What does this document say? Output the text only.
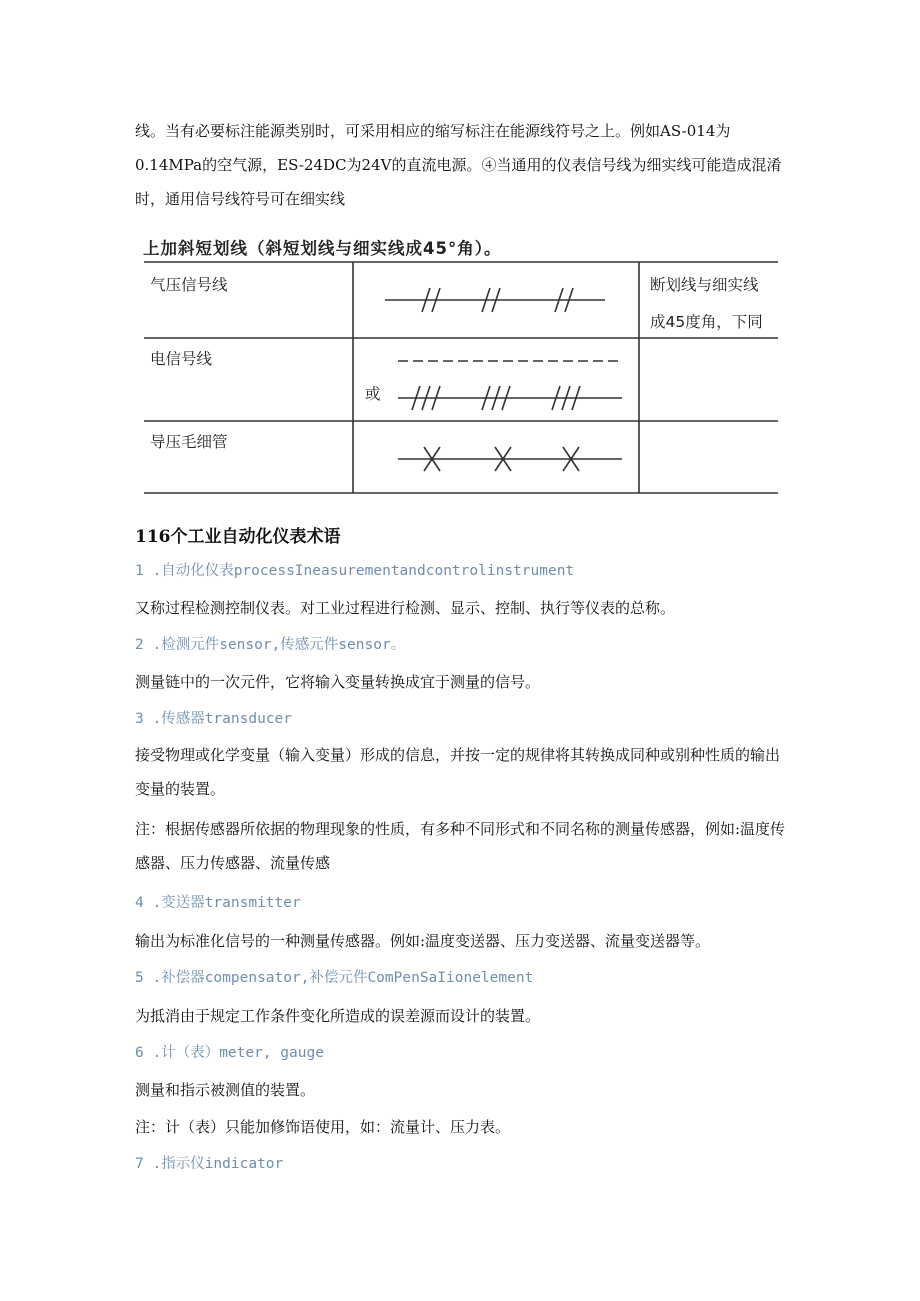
线。当有必要标注能源类别时，可采用相应的缩写标注在能源线符号之上。例如AS-014为0.14MPa的空气源，ES-24DC为24V的直流电源。④当通用的仪表信号线为细实线可能造成混淆时，通用信号线符号可在细实线

上加斜短划线（斜短划线与细实线成45°角）。
气压信号线
电信号线
或
导压毛细管
断划线与细实线
成45度角，下同
116个工业自动化仪表术语
1 .自动化仪表processIneasurementandcontrolinstrument
又称过程检测控制仪表。对工业过程进行检测、显示、控制、执行等仪表的总称。
2 .检测元件sensor,传感元件sensor。
测量链中的一次元件，它将输入变量转换成宜于测量的信号。
3 .传感器transducer

接受物理或化学变量（输入变量）形成的信息，并按一定的规律将其转换成同种或别种性质的输出变量的装置。

注：根据传感器所依据的物理现象的性质，有多种不同形式和不同名称的测量传感器，例如:温度传感器、压力传感器、流量传感

4 .变送器transmitter
输出为标准化信号的一种测量传感器。例如:温度变送器、压力变送器、流量变送器等。
5 .补偿器compensator,补偿元件ComPenSaIionelement
为抵消由于规定工作条件变化所造成的误差源而设计的装置。
6 .计（表）meter, gauge
测量和指示被测值的装置。
注：计（表）只能加修饰语使用，如：流量计、压力表。
7 .指示仪indicator
